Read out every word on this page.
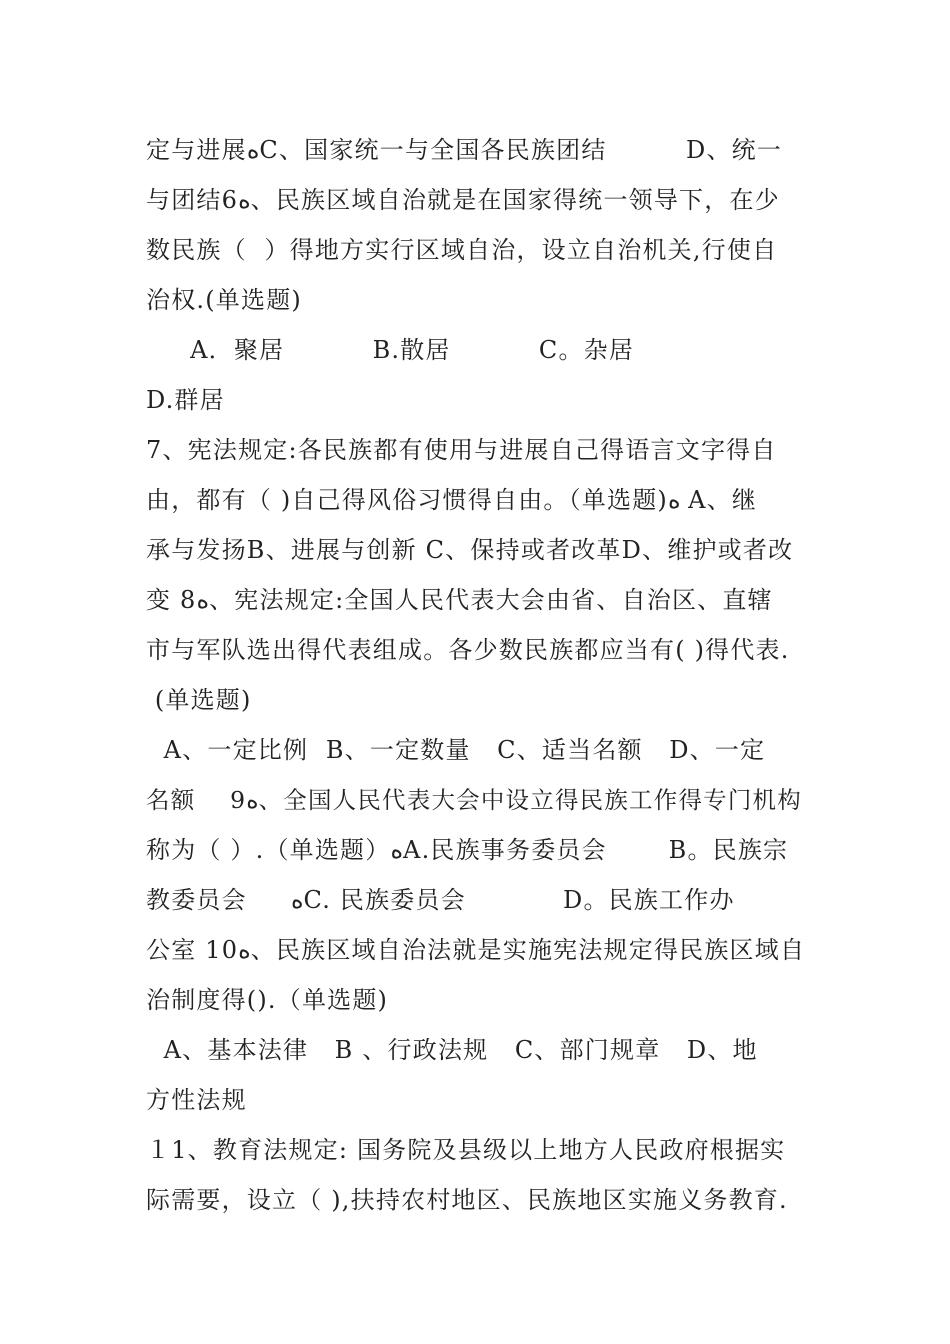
定与进展ﻩC、国家统一与全国各民族团结         D、统一
与团结6ﻩ、民族区域自治就是在国家得统一领导下，在少
数民族（  ）得地方实行区域自治，设立自治机关,行使自
治权.(单选题)
A．聚居          B.散居          C。杂居
D.群居
7、宪法规定:各民族都有使用与进展自己得语言文字得自
由，都有（ )自己得风俗习惯得自由。（单选题)ﻩ A、继
承与发扬B、进展与创新 C、保持或者改革D、维护或者改
变 8ﻩ、宪法规定:全国人民代表大会由省、自治区、直辖
市与军队选出得代表组成。各少数民族都应当有( )得代表.
(单选题)
A、一定比例  B、一定数量   C、适当名额   D、一定
名额    9ﻩ、全国人民代表大会中设立得民族工作得专门机构
称为（ ）.（单选题）ﻩA.民族事务委员会       B。民族宗
教委员会     ﻩC. 民族委员会           D。民族工作办
公室 10ﻩ、民族区域自治法就是实施宪法规定得民族区域自
治制度得().（单选题)
A、基本法律   B 、行政法规   C、部门规章   D、地
方性法规
１1、教育法规定: 国务院及县级以上地方人民政府根据实
际需要，设立（ ),扶持农村地区、民族地区实施义务教育.
